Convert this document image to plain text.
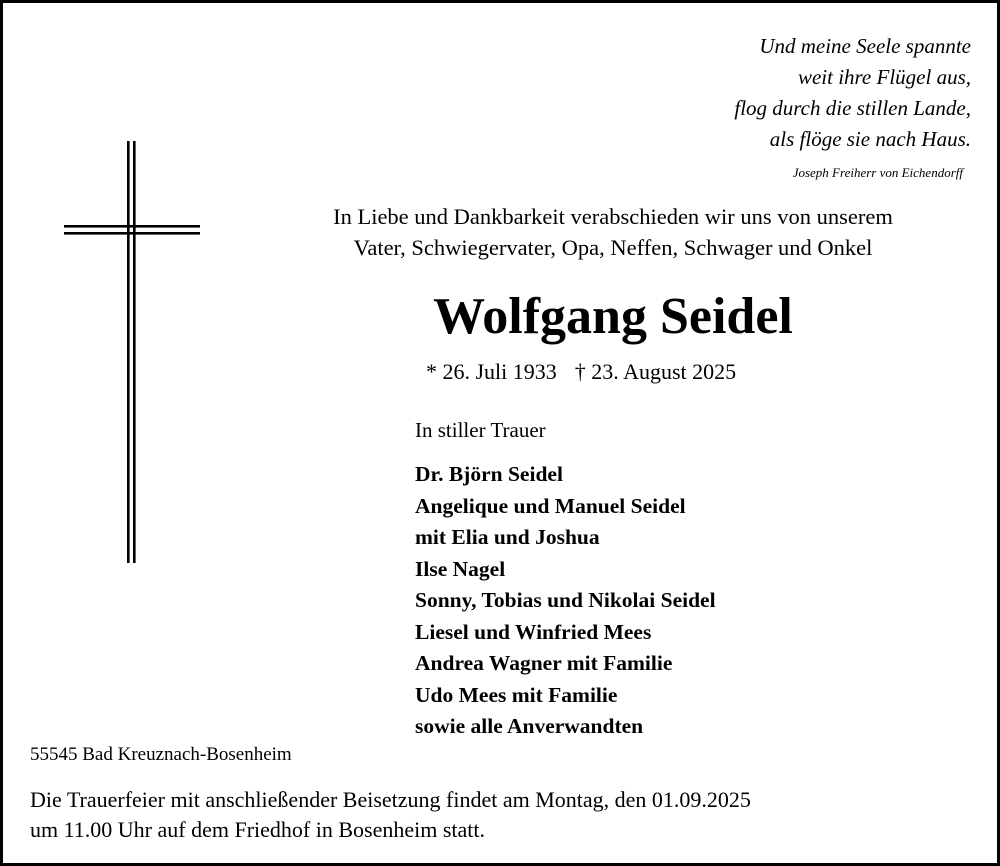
Und meine Seele spannte
weit ihre Flügel aus,
flog durch die stillen Lande,
als flöge sie nach Haus.
Joseph Freiherr von Eichendorff
In Liebe und Dankbarkeit verabschieden wir uns von unserem
Vater, Schwiegervater, Opa, Neffen, Schwager und Onkel
Wolfgang Seidel
* 26. Juli 1933 † 23. August 2025
In stiller Trauer
Dr. Björn Seidel
Angelique und Manuel Seidel
mit Elia und Joshua
Ilse Nagel
Sonny, Tobias und Nikolai Seidel
Liesel und Winfried Mees
Andrea Wagner mit Familie
Udo Mees mit Familie
sowie alle Anverwandten
55545 Bad Kreuznach-Bosenheim
Die Trauerfeier mit anschließender Beisetzung findet am Montag, den 01.09.2025
um 11.00 Uhr auf dem Friedhof in Bosenheim statt.
